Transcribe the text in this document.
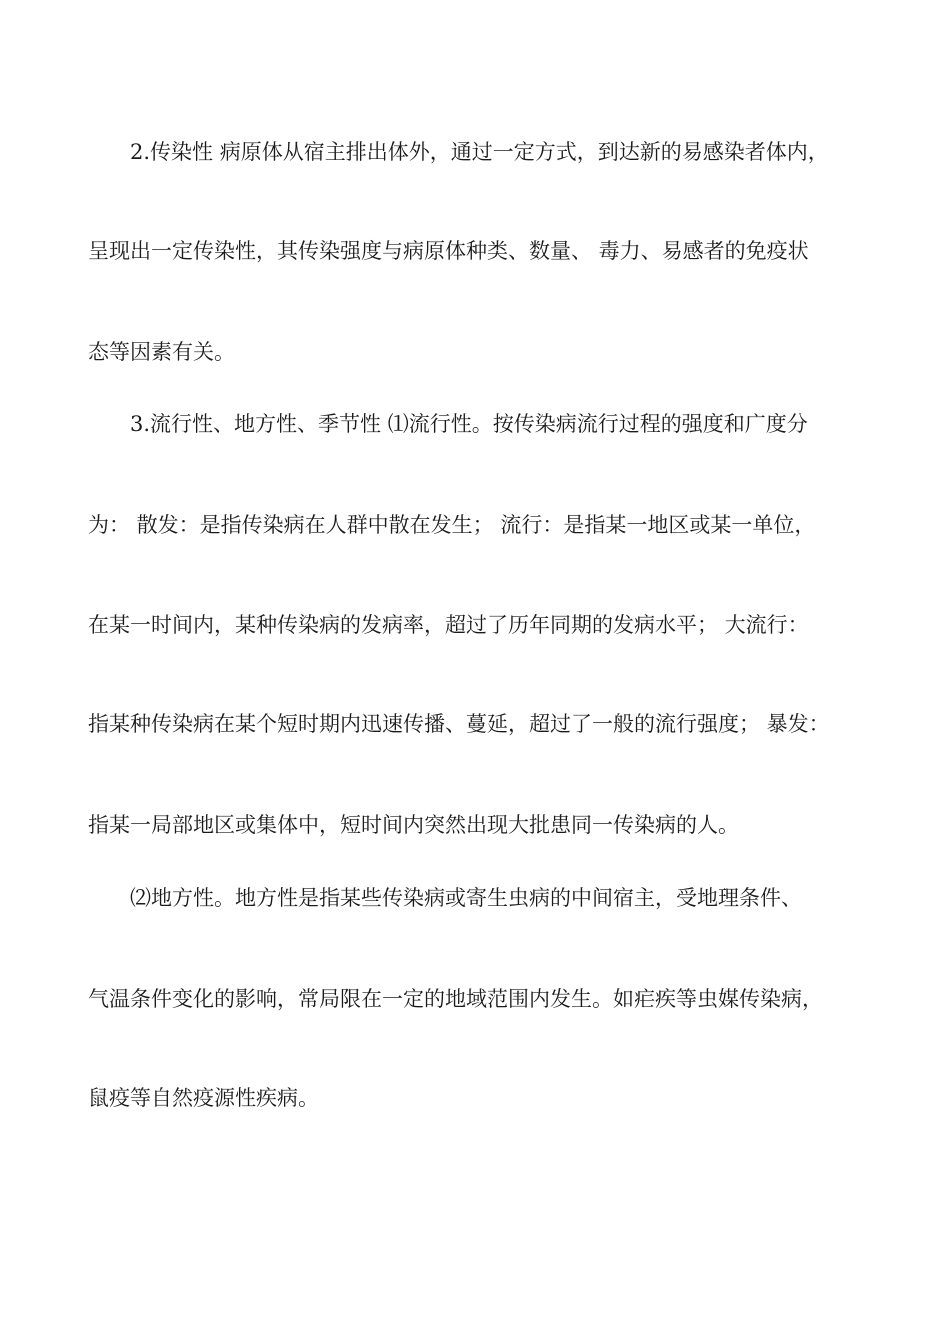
2.传染性 病原体从宿主排出体外，通过一定方式，到达新的易感染者体内，
呈现出一定传染性，其传染强度与病原体种类、数量、 毒力、易感者的免疫状
态等因素有关。
3.流行性、地方性、季节性 ⑴流行性。按传染病流行过程的强度和广度分
为： 散发：是指传染病在人群中散在发生； 流行：是指某一地区或某一单位，
在某一时间内，某种传染病的发病率，超过了历年同期的发病水平； 大流行：
指某种传染病在某个短时期内迅速传播、蔓延，超过了一般的流行强度； 暴发：
指某一局部地区或集体中，短时间内突然出现大批患同一传染病的人。
⑵地方性。地方性是指某些传染病或寄生虫病的中间宿主，受地理条件、
气温条件变化的影响，常局限在一定的地域范围内发生。如疟疾等虫媒传染病，
鼠疫等自然疫源性疾病。
